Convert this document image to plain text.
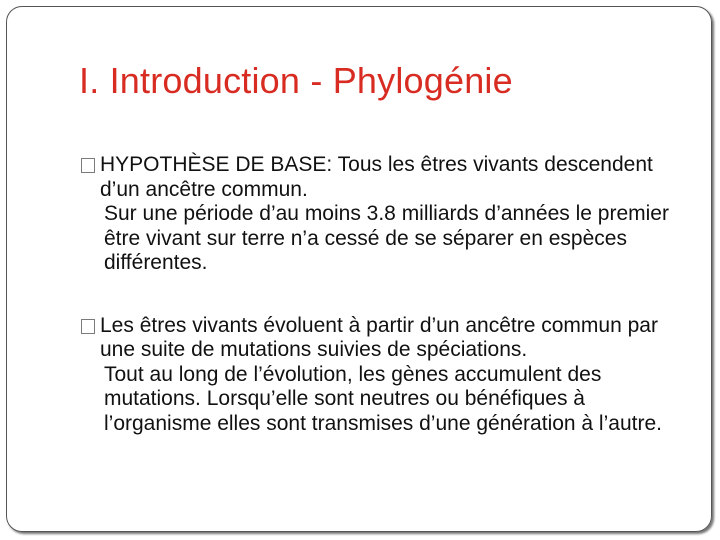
I. Introduction - Phylogénie
HYPOTHÈSE DE BASE: Tous les êtres vivants descendent d’un ancêtre commun.
Sur une période d’au moins 3.8 milliards d’années le premier être vivant sur terre n’a cessé de se séparer en espèces différentes.
Les êtres vivants évoluent à partir d’un ancêtre commun par une suite de mutations suivies de spéciations.
Tout au long de l’évolution, les gènes accumulent des mutations. Lorsqu’elle sont neutres ou bénéfiques à l’organisme elles sont transmises d’une génération à l’autre.
